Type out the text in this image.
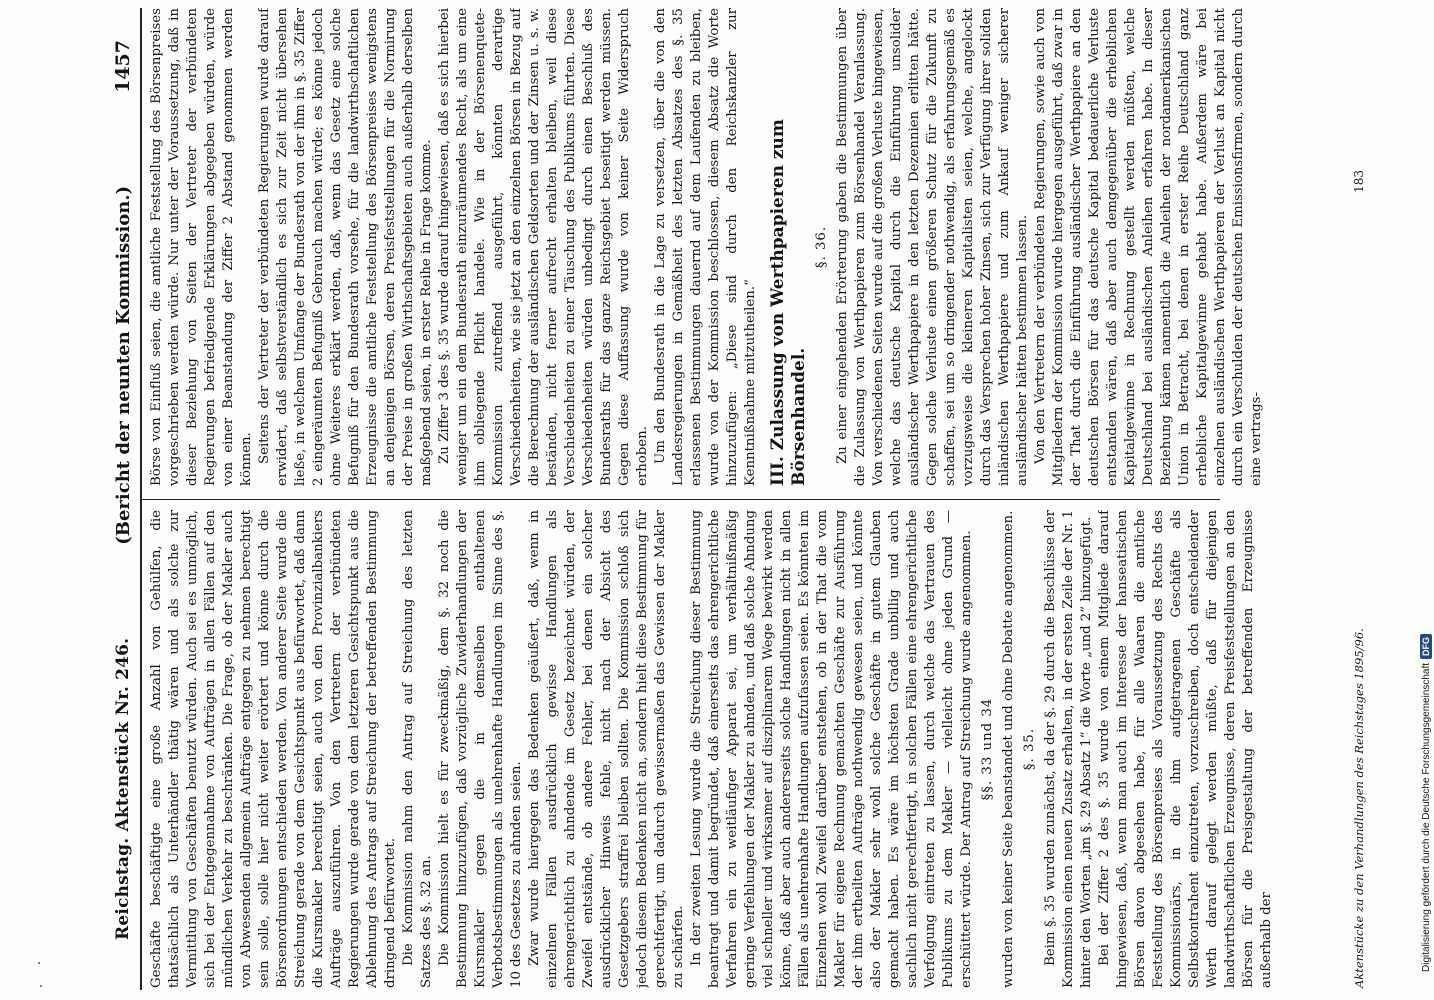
Reichstag. Aktenstück Nr. 246.
(Bericht der neunten Kommission.)
1457

Geschäfte beschäftigte eine große Anzahl von Gehülfen, die thatsächlich als Unterhändler thätig wären und als solche zur Vermittlung von Geschäften benutzt würden. Auch sei es unmöglich, sich bei der Entgegennahme von Aufträgen in allen Fällen auf den mündlichen Verkehr zu beschränken. Die Frage, ob der Makler auch von Abwesenden allgemein Aufträge entgegen zu nehmen berechtigt sein solle, solle hier nicht weiter erörtert und könne durch die Börsenordnungen entschieden werden. Von anderer Seite wurde die Streichung gerade von dem Gesichtspunkt aus befürwortet, daß dann die Kursmakler berechtigt seien, auch von den Provinzialbankiers Aufträge auszuführen. Von den Vertretern der verbündeten Regierungen wurde gerade von dem letzteren Gesichtspunkt aus die Ablehnung des Antrags auf Streichung der betreffenden Bestimmung dringend befürwortet. Die Kommission nahm den Antrag auf Streichung des letzten Satzes des §. 32 an. Die Kommission hielt es für zweckmäßig, dem §. 32 noch die Bestimmung hinzuzufügen, daß vorzügliche Zuwiderhandlungen der Kursmakler gegen die in demselben enthaltenen Verbotsbestimmungen als unehrenhafte Handlungen im Sinne des §. 10 des Gesetzes zu ahnden seien. Zwar wurde hiergegen das Bedenken geäußert, daß, wenn in einzelnen Fällen ausdrücklich gewisse Handlungen als ehrengerichtlich zu ahndende im Gesetz bezeichnet würden, der Zweifel entstände, ob andere Fehler, bei denen ein solcher ausdrücklicher Hinweis fehle, nicht nach der Absicht des Gesetzgebers straffrei bleiben sollten. Die Kommission schloß sich jedoch diesem Bedenken nicht an, sondern hielt diese Bestimmung für gerechtfertigt, um dadurch gewissermaßen das Gewissen der Makler zu schärfen. In der zweiten Lesung wurde die Streichung dieser Bestimmung beantragt und damit begründet, daß einerseits das ehrengerichtliche Verfahren ein zu weitläufiger Apparat sei, um verhältnißmäßig geringe Verfehlungen der Makler zu ahnden, und daß solche Ahndung viel schneller und wirksamer auf disziplinarem Wege bewirkt werden könne, daß aber auch andererseits solche Handlungen nicht in allen Fällen als unehrenhafte Handlungen aufzufassen seien. Es könnten im Einzelnen wohl Zweifel darüber entstehen, ob in der That die vom Makler für eigene Rechnung gemachten Geschäfte zur Ausführung der ihm ertheilten Aufträge nothwendig gewesen seien, und könnte also der Makler sehr wohl solche Geschäfte in gutem Glauben gemacht haben. Es wäre im höchsten Grade unbillig und auch sachlich nicht gerechtfertigt, in solchen Fällen eine ehrengerichtliche Verfolgung eintreten zu lassen, durch welche das Vertrauen des Publikums zu dem Makler — vielleicht ohne jeden Grund — erschüttert würde. Der Antrag auf Streichung wurde angenommen. §§. 33 und 34 wurden von keiner Seite beanstandet und ohne Debatte angenommen. §. 35. Beim §. 35 wurden zunächst, da der §. 29 durch die Beschlüsse der Kommission einen neuen Zusatz erhalten, in der ersten Zeile der Nr. 1 hinter den Worten „im §. 29 Absatz 1“ die Worte „und 2“ hinzugefügt. Bei der Ziffer 2 des §. 35 wurde von einem Mitgliede darauf hingewiesen, daß, wenn man auch im Interesse der hanseatischen Börsen davon abgesehen habe, für alle Waaren die amtliche Feststellung des Börsenpreises als Voraussetzung des Rechts des Kommissionärs, in die ihm aufgetragenen Geschäfte als Selbstkontrahent einzutreten, vorzuschreiben, doch entscheidender Werth darauf gelegt werden müßte, daß für diejenigen landwirthschaftlichen Erzeugnisse, deren Preisfeststellungen an den Börsen für die Preisgestaltung der betreffenden Erzeugnisse außerhalb der

Börse von Einfluß seien, die amtliche Feststellung des Börsenpreises vorgeschrieben werden würde. Nur unter der Voraussetzung, daß in dieser Beziehung von Seiten der Vertreter der verbündeten Regierungen befriedigende Erklärungen abgegeben würden, würde von einer Beanstandung der Ziffer 2 Abstand genommen werden können. Seitens der Vertreter der verbündeten Regierungen wurde darauf erwidert, daß selbstverständlich es sich zur Zeit nicht übersehen ließe, in welchem Umfange der Bundesrath von der ihm in §. 35 Ziffer 2 eingeräumten Befugniß Gebrauch machen würde; es könne jedoch ohne Weiteres erklärt werden, daß, wenn das Gesetz eine solche Befugniß für den Bundesrath vorsehe, für die landwirthschaftlichen Erzeugnisse die amtliche Feststellung des Börsenpreises wenigstens an denjenigen Börsen, deren Preisfeststellungen für die Normirung der Preise in großen Wirthschaftsgebieten auch außerhalb derselben maßgebend seien, in erster Reihe in Frage komme. Zu Ziffer 3 des §. 35 wurde darauf hingewiesen, daß es sich hierbei weniger um ein dem Bundesrath einzuräumendes Recht, als um eine ihm obliegende Pflicht handele. Wie in der Börsenenquete-Kommission zutreffend ausgeführt, könnten derartige Verschiedenheiten, wie sie jetzt an den einzelnen Börsen in Bezug auf die Berechnung der ausländischen Geldsorten und der Zinsen u. s. w. beständen, nicht ferner aufrecht erhalten bleiben, weil diese Verschiedenheiten zu einer Täuschung des Publikums führten. Diese Verschiedenheiten würden unbedingt durch einen Beschluß des Bundesraths für das ganze Reichsgebiet beseitigt werden müssen. Gegen diese Auffassung wurde von keiner Seite Widerspruch erhoben. Um den Bundesrath in die Lage zu versetzen, über die von den Landesregierungen in Gemäßheit des letzten Absatzes des §. 35 erlassenen Bestimmungen dauernd auf dem Laufenden zu bleiben, wurde von der Kommission beschlossen, diesem Absatz die Worte hinzuzufügen: „Diese sind durch den Reichskanzler zur Kenntnißnahme mitzutheilen.“ III. Zulassung von Werthpapieren zum Börsenhandel.

§. 36. Zu einer eingehenden Erörterung gaben die Bestimmungen über die Zulassung von Werthpapieren zum Börsenhandel Veranlassung. Von verschiedenen Seiten wurde auf die großen Verluste hingewiesen, welche das deutsche Kapital durch die Einführung unsolider ausländischer Werthpapiere in den letzten Dezennien erlitten hätte. Gegen solche Verluste einen größeren Schutz für die Zukunft zu schaffen, sei um so dringender nothwendig, als erfahrungsgemäß es vorzugsweise die kleineren Kapitalisten seien, welche, angelockt durch das Versprechen hoher Zinsen, sich zur Verfügung ihrer soliden inländischen Werthpapiere und zum Ankauf weniger sicherer ausländischer hätten bestimmen lassen. Von den Vertretern der verbündeten Regierungen, sowie auch von Mitgliedern der Kommission wurde hiergegen ausgeführt, daß zwar in der That durch die Einführung ausländischer Werthpapiere an den deutschen Börsen für das deutsche Kapital bedauerliche Verluste entstanden wären, daß aber auch demgegenüber die erheblichen Kapitalgewinne in Rechnung gestellt werden müßten, welche Deutschland bei ausländischen Anleihen erfahren habe. In dieser Beziehung kämen namentlich die Anleihen der nordamerikanischen Union in Betracht, bei denen in erster Reihe Deutschland ganz erhebliche Kapitalgewinne gehabt habe. Außerdem wäre bei einzelnen ausländischen Werthpapieren der Verlust an Kapital nicht durch ein Verschulden der deutschen Emissionsfirmen, sondern durch eine vertrags-

Aktenstücke zu den Verhandlungen des Reichstages 1895/96.
183
Digitalisierung gefördert durch die Deutsche Forschungsgemeinschaft
DFG
